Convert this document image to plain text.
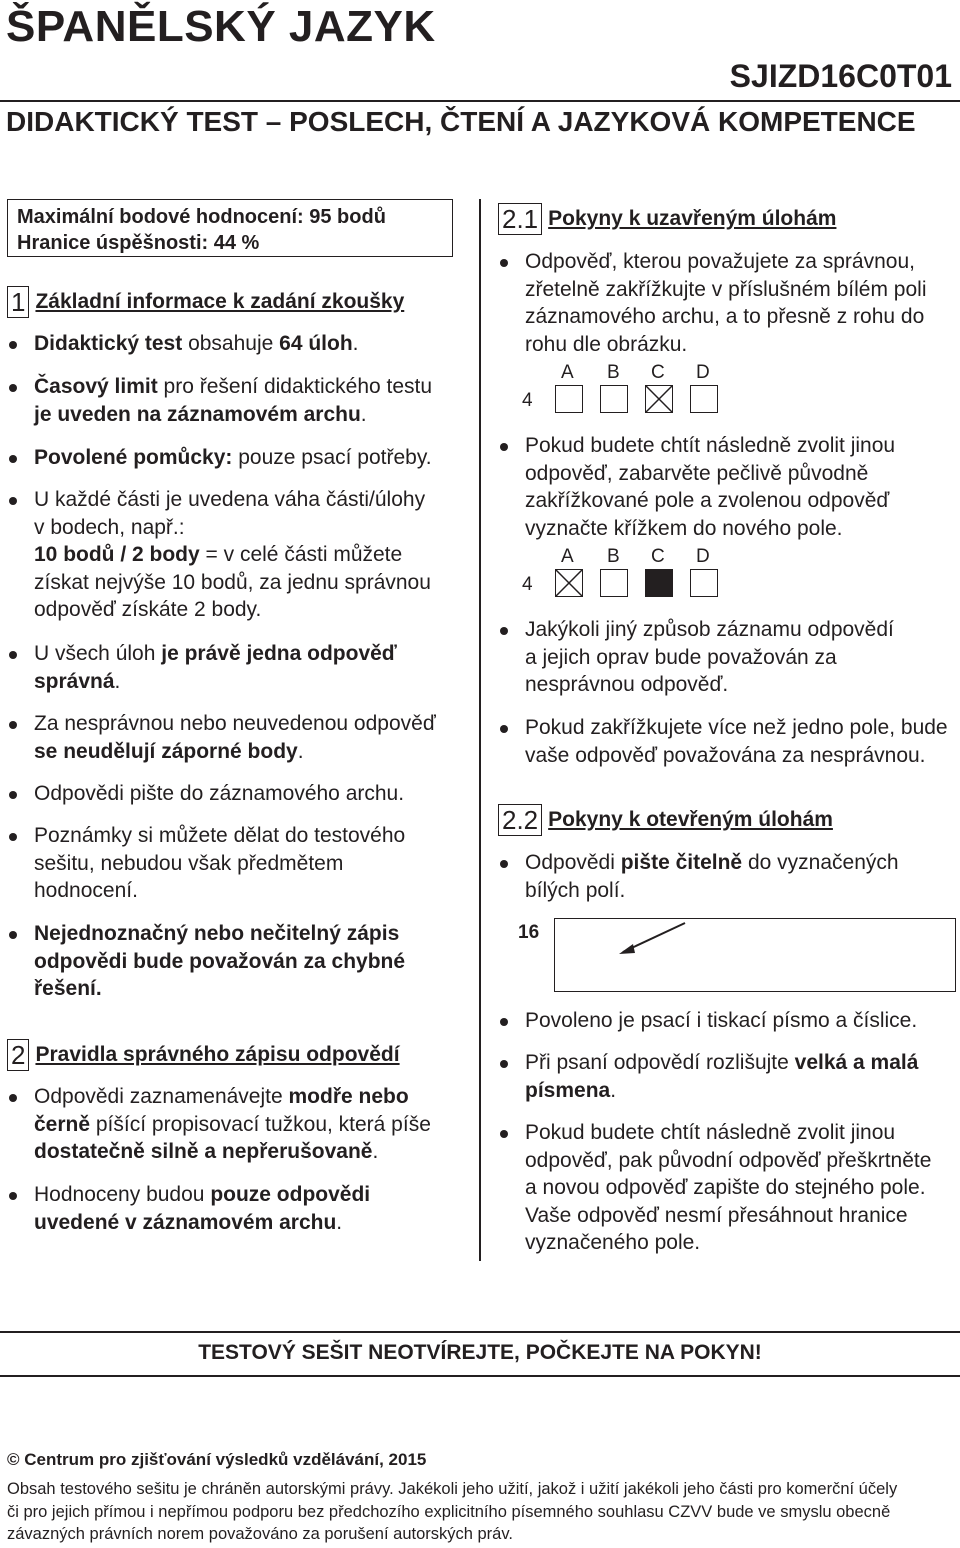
ŠPANĚLSKÝ JAZYK
SJIZD16C0T01
DIDAKTICKÝ TEST – POSLECH, ČTENÍ A JAZYKOVÁ KOMPETENCE
Maximální bodové hodnocení: 95 bodů
Hranice úspěšnosti: 44 %
1 Základní informace k zadání zkoušky
Didaktický test obsahuje 64 úloh.
Časový limit pro řešení didaktického testu
je uveden na záznamovém archu.
Povolené pomůcky: pouze psací potřeby.
U každé části je uvedena váha části/úlohy
v bodech, např.:
10 bodů / 2 body = v celé části můžete
získat nejvýše 10 bodů, za jednu správnou
odpověď získáte 2 body.
U všech úloh je právě jedna odpověď
správná.
Za nesprávnou nebo neuvedenou odpověď
se neudělují záporné body.
Odpovědi pište do záznamového archu.
Poznámky si můžete dělat do testového
sešitu, nebudou však předmětem
hodnocení.
Nejednoznačný nebo nečitelný zápis
odpovědi bude považován za chybné
řešení.
2 Pravidla správného zápisu odpovědí
Odpovědi zaznamenávejte modře nebo
černě píšící propisovací tužkou, která píše
dostatečně silně a nepřerušovaně.
Hodnoceny budou pouze odpovědi
uvedené v záznamovém archu.
2.1 Pokyny k uzavřeným úlohám
Odpověď, kterou považujete za správnou,
zřetelně zakřížkujte v příslušném bílém poli
záznamového archu, a to přesně z rohu do
rohu dle obrázku.
A B C D
4
Pokud budete chtít následně zvolit jinou
odpověď, zabarvěte pečlivě původně
zakřížkované pole a zvolenou odpověď
vyznačte křížkem do nového pole.
A B C D
4
Jakýkoli jiný způsob záznamu odpovědí
a jejich oprav bude považován za
nesprávnou odpověď.
Pokud zakřížkujete více než jedno pole, bude
vaše odpověď považována za nesprávnou.
2.2 Pokyny k otevřeným úlohám
Odpovědi pište čitelně do vyznačených
bílých polí.
16
Povoleno je psací i tiskací písmo a číslice.
Při psaní odpovědí rozlišujte velká a malá
písmena.
Pokud budete chtít následně zvolit jinou
odpověď, pak původní odpověď přeškrtněte
a novou odpověď zapište do stejného pole.
Vaše odpověď nesmí přesáhnout hranice
vyznačeného pole.
TESTOVÝ SEŠIT NEOTVÍREJTE, POČKEJTE NA POKYN!
© Centrum pro zjišťování výsledků vzdělávání, 2015
Obsah testového sešitu je chráněn autorskými právy. Jakékoli jeho užití, jakož i užití jakékoli jeho části pro komerční účely
či pro jejich přímou i nepřímou podporu bez předchozího explicitního písemného souhlasu CZVV bude ve smyslu obecně
závazných právních norem považováno za porušení autorských práv.
